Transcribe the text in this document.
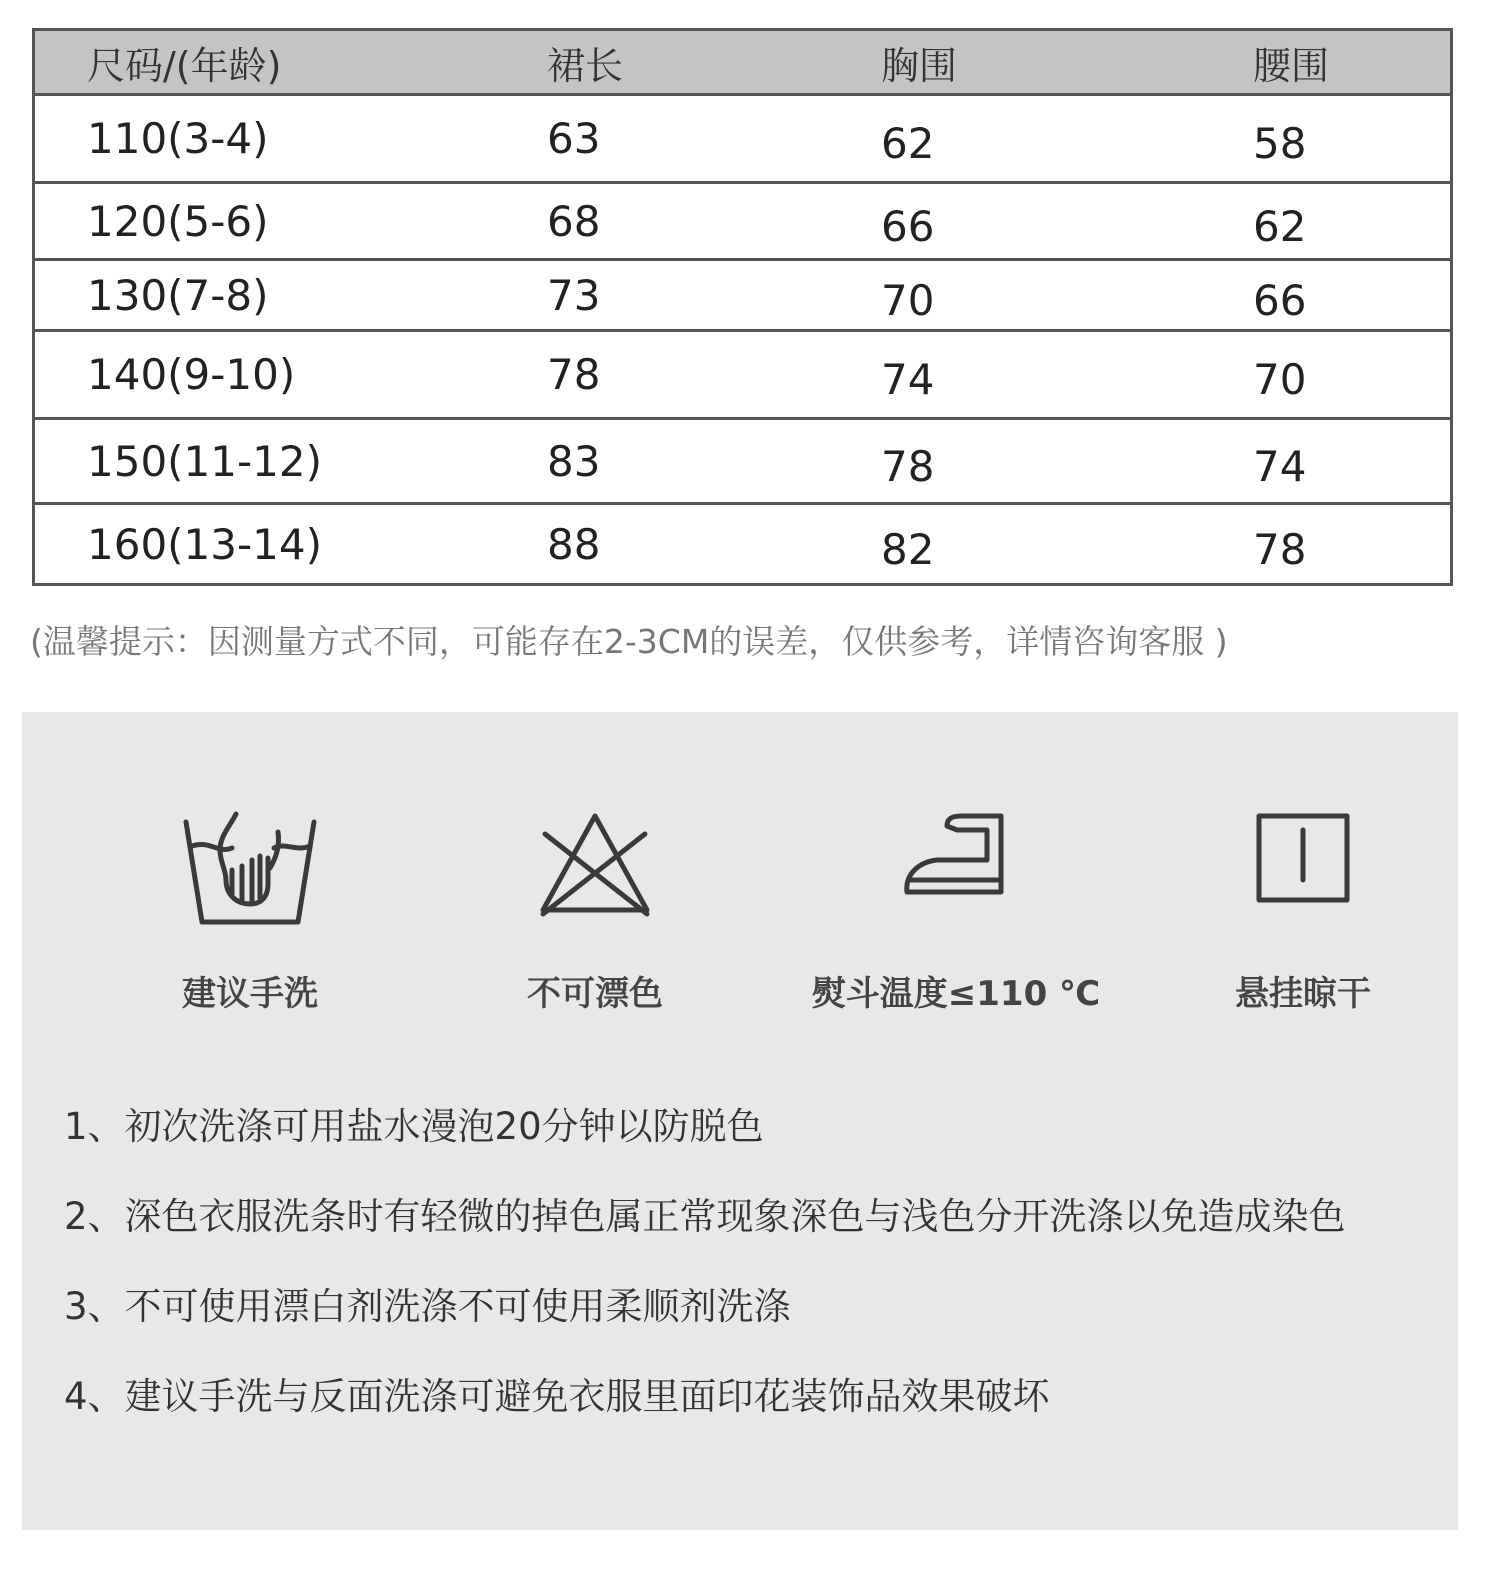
尺码/(年龄)	裙长	胸围	腰围
110(3-4)	63	62	58
120(5-6)	68	66	62
130(7-8)	73	70	66
140(9-10)	78	74	70
150(11-12)	83	78	74
160(13-14)	88	82	78
(温馨提示：因测量方式不同，可能存在2-3CM的误差，仅供参考，详情咨询客服 )
建议手洗	不可漂色	熨斗温度≤110 ℃	悬挂晾干
1、初次洗涤可用盐水漫泡20分钟以防脱色
2、深色衣服洗条时有轻微的掉色属正常现象深色与浅色分开洗涤以免造成染色
3、不可使用漂白剂洗涤不可使用柔顺剂洗涤
4、建议手洗与反面洗涤可避免衣服里面印花装饰品效果破坏
